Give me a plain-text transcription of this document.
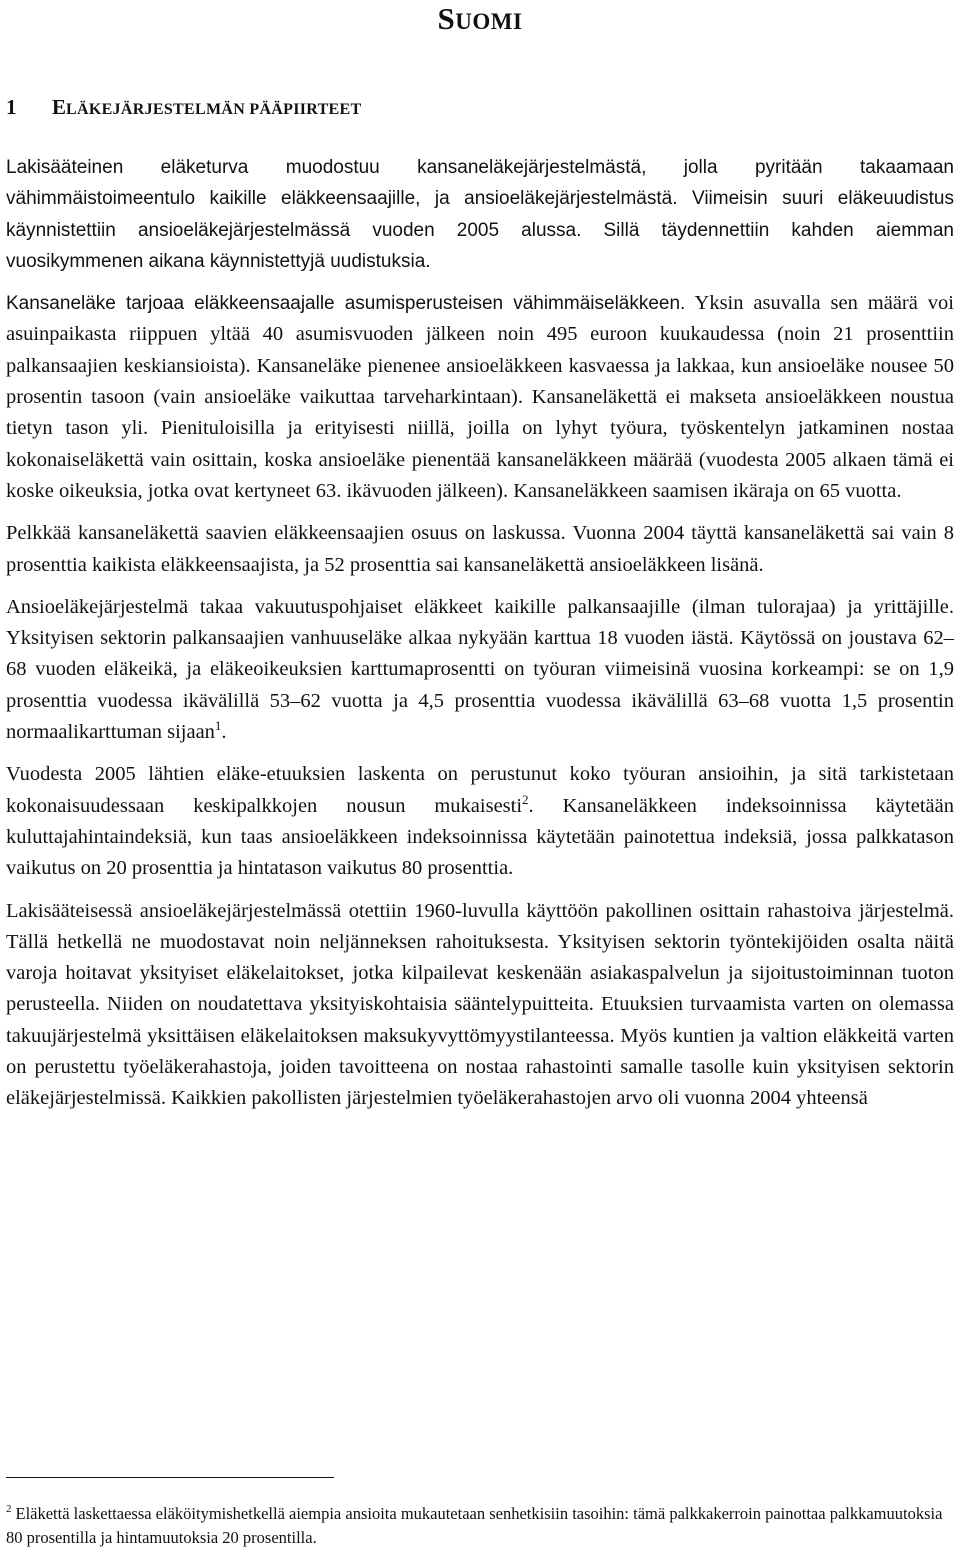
SUOMI
1 ELÄKEJÄRJESTELMÄN PÄÄPIIRTEET

Lakisääteinen eläketurva muodostuu kansaneläkejärjestelmästä, jolla pyritään takaamaan vähimmäistoimeentulo kaikille eläkkeensaajille, ja ansioeläkejärjestelmästä. Viimeisin suuri eläkeuudistus käynnistettiin ansioeläkejärjestelmässä vuoden 2005 alussa. Sillä täydennettiin kahden aiemman vuosikymmenen aikana käynnistettyjä uudistuksia.

Kansaneläke tarjoaa eläkkeensaajalle asumisperusteisen vähimmäiseläkkeen. Yksin asuvalla sen määrä voi asuinpaikasta riippuen yltää 40 asumisvuoden jälkeen noin 495 euroon kuukaudessa (noin 21 prosenttiin palkansaajien keskiansioista). Kansaneläke pienenee ansioeläkkeen kasvaessa ja lakkaa, kun ansioeläke nousee 50 prosentin tasoon (vain ansioeläke vaikuttaa tarveharkintaan). Kansaneläkettä ei makseta ansioeläkkeen noustua tietyn tason yli. Pienituloisilla ja erityisesti niillä, joilla on lyhyt työura, työskentelyn jatkaminen nostaa kokonaiseläkettä vain osittain, koska ansioeläke pienentää kansaneläkkeen määrää (vuodesta 2005 alkaen tämä ei koske oikeuksia, jotka ovat kertyneet 63. ikävuoden jälkeen). Kansaneläkkeen saamisen ikäraja on 65 vuotta.

Pelkkää kansaneläkettä saavien eläkkeensaajien osuus on laskussa. Vuonna 2004 täyttä kansaneläkettä sai vain 8 prosenttia kaikista eläkkeensaajista, ja 52 prosenttia sai kansaneläkettä ansioeläkkeen lisänä.

Ansioeläkejärjestelmä takaa vakuutuspohjaiset eläkkeet kaikille palkansaajille (ilman tulorajaa) ja yrittäjille. Yksityisen sektorin palkansaajien vanhuuseläke alkaa nykyään karttua 18 vuoden iästä. Käytössä on joustava 62–68 vuoden eläkeikä, ja eläkeoikeuksien karttumaprosentti on työuran viimeisinä vuosina korkeampi: se on 1,9 prosenttia vuodessa ikävälillä 53–62 vuotta ja 4,5 prosenttia vuodessa ikävälillä 63–68 vuotta 1,5 prosentin normaalikarttuman sijaan$^1$.

Vuodesta 2005 lähtien eläke-etuuksien laskenta on perustunut koko työuran ansioihin, ja sitä tarkistetaan kokonaisuudessaan keskipalkkojen nousun mukaisesti$^2$. Kansaneläkkeen indeksoinnissa käytetään kuluttajahintaindeksiä, kun taas ansioeläkkeen indeksoinnissa käytetään painotettua indeksiä, jossa palkkatason vaikutus on 20 prosenttia ja hintatason vaikutus 80 prosenttia.

Lakisääteisessä ansioeläkejärjestelmässä otettiin 1960-luvulla käyttöön pakollinen osittain rahastoiva järjestelmä. Tällä hetkellä ne muodostavat noin neljänneksen rahoituksesta. Yksityisen sektorin työntekijöiden osalta näitä varoja hoitavat yksityiset eläkelaitokset, jotka kilpailevat keskenään asiakaspalvelun ja sijoitustoiminnan tuoton perusteella. Niiden on noudatettava yksityiskohtaisia sääntelypuitteita. Etuuksien turvaamista varten on olemassa takuujärjestelmä yksittäisen eläkelaitoksen maksukyvyttömyystilanteessa. Myös kuntien ja valtion eläkkeitä varten on perustettu työeläkerahastoja, joiden tavoitteena on nostaa rahastointi samalle tasolle kuin yksityisen sektorin eläkejärjestelmissä. Kaikkien pakollisten järjestelmien työeläkerahastojen arvo oli vuonna 2004 yhteensä

$^2$ Eläkettä laskettaessa eläköitymishetkellä aiempia ansioita mukautetaan senhetkisiin tasoihin: tämä palkkakerroin painottaa palkkamuutoksia 80 prosentilla ja hintamuutoksia 20 prosentilla.
